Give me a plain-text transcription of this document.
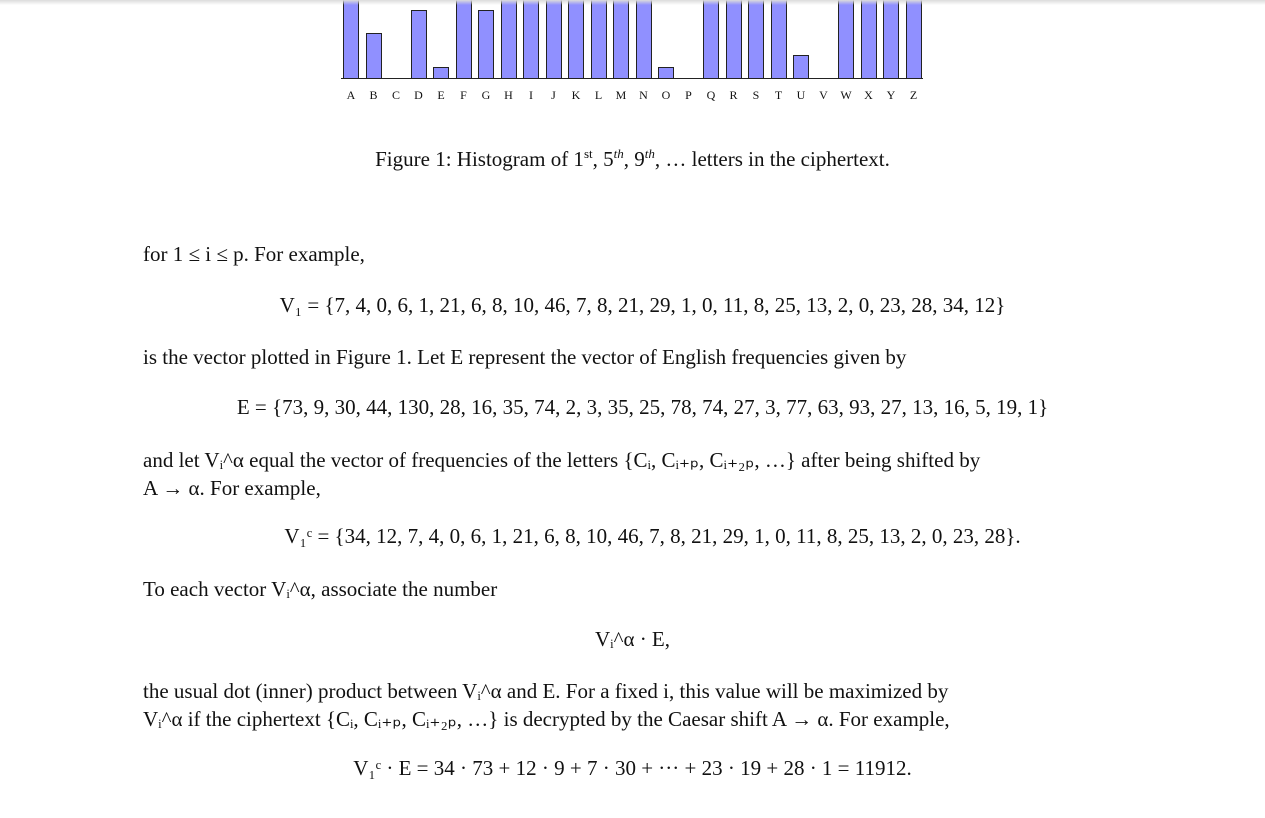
A	B	C	D	E	F	G	H	I	J	K	L	M	N	O	P	Q	R	S	T	U	V	W	X	Y	Z
Figure 1: Histogram of 1st, 5th, 9th, … letters in the ciphertext.
for 1 ≤ i ≤ p. For example,
V₁ = {7, 4, 0, 6, 1, 21, 6, 8, 10, 46, 7, 8, 21, 29, 1, 0, 11, 8, 25, 13, 2, 0, 23, 28, 34, 12}
is the vector plotted in Figure 1. Let E represent the vector of English frequencies given by
E = {73, 9, 30, 44, 130, 28, 16, 35, 74, 2, 3, 35, 25, 78, 74, 27, 3, 77, 63, 93, 27, 13, 16, 5, 19, 1}
and let Vᵢ^α equal the vector of frequencies of the letters {Cᵢ, Cᵢ₊ₚ, Cᵢ₊₂ₚ, …} after being shifted by
A → α. For example,
V₁ᶜ = {34, 12, 7, 4, 0, 6, 1, 21, 6, 8, 10, 46, 7, 8, 21, 29, 1, 0, 11, 8, 25, 13, 2, 0, 23, 28}.
To each vector Vᵢ^α, associate the number
Vᵢ^α · E,
the usual dot (inner) product between Vᵢ^α and E. For a fixed i, this value will be maximized by
Vᵢ^α if the ciphertext {Cᵢ, Cᵢ₊ₚ, Cᵢ₊₂ₚ, …} is decrypted by the Caesar shift A → α. For example,
V₁ᶜ · E = 34 · 73 + 12 · 9 + 7 · 30 + ··· + 23 · 19 + 28 · 1 = 11912.
